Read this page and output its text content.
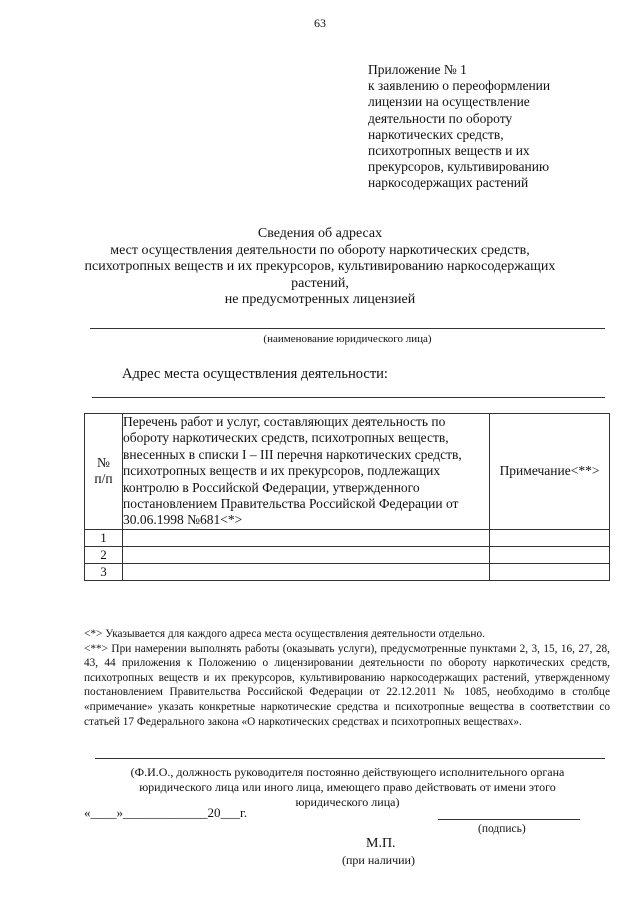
63
Приложение № 1
к заявлению о переоформлении
лицензии на осуществление
деятельности по обороту
наркотических средств,
психотропных веществ и их
прекурсоров, культивированию
наркосодержащих растений
Сведения об адресах
мест осуществления деятельности по обороту наркотических средств,
психотропных веществ и их прекурсоров, культивированию наркосодержащих
растений,
не предусмотренных лицензией
(наименование юридического лица)
Адрес места осуществления деятельности:
№
п/п	Перечень работ и услуг, составляющих деятельность по обороту наркотических средств, психотропных веществ, внесенных в списки I – III перечня наркотических средств, психотропных веществ и их прекурсоров, подлежащих контролю в Российской Федерации, утвержденного постановлением Правительства Российской Федерации от 30.06.1998 №681<*>	Примечание<**>
1		
2		
3		

<*> Указывается для каждого адреса места осуществления деятельности отдельно.

<**> При намерении выполнять работы (оказывать услуги), предусмотренные пунктами 2, 3, 15, 16, 27, 28, 43, 44 приложения к Положению о лицензировании деятельности по обороту наркотических средств, психотропных веществ и их прекурсоров, культивированию наркосодержащих растений, утвержденному постановлением Правительства Российской Федерации от 22.12.2011 № 1085, необходимо в столбце «примечание» указать конкретные наркотические средства и психотропные вещества в соответствии со статьей 17 Федерального закона «О наркотических средствах и психотропных веществах».

(Ф.И.О., должность руководителя постоянно действующего исполнительного органа
юридического лица или иного лица, имеющего право действовать от имени этого
юридического лица)
«____»_____________20___г.
(подпись)
М.П.
(при наличии)
